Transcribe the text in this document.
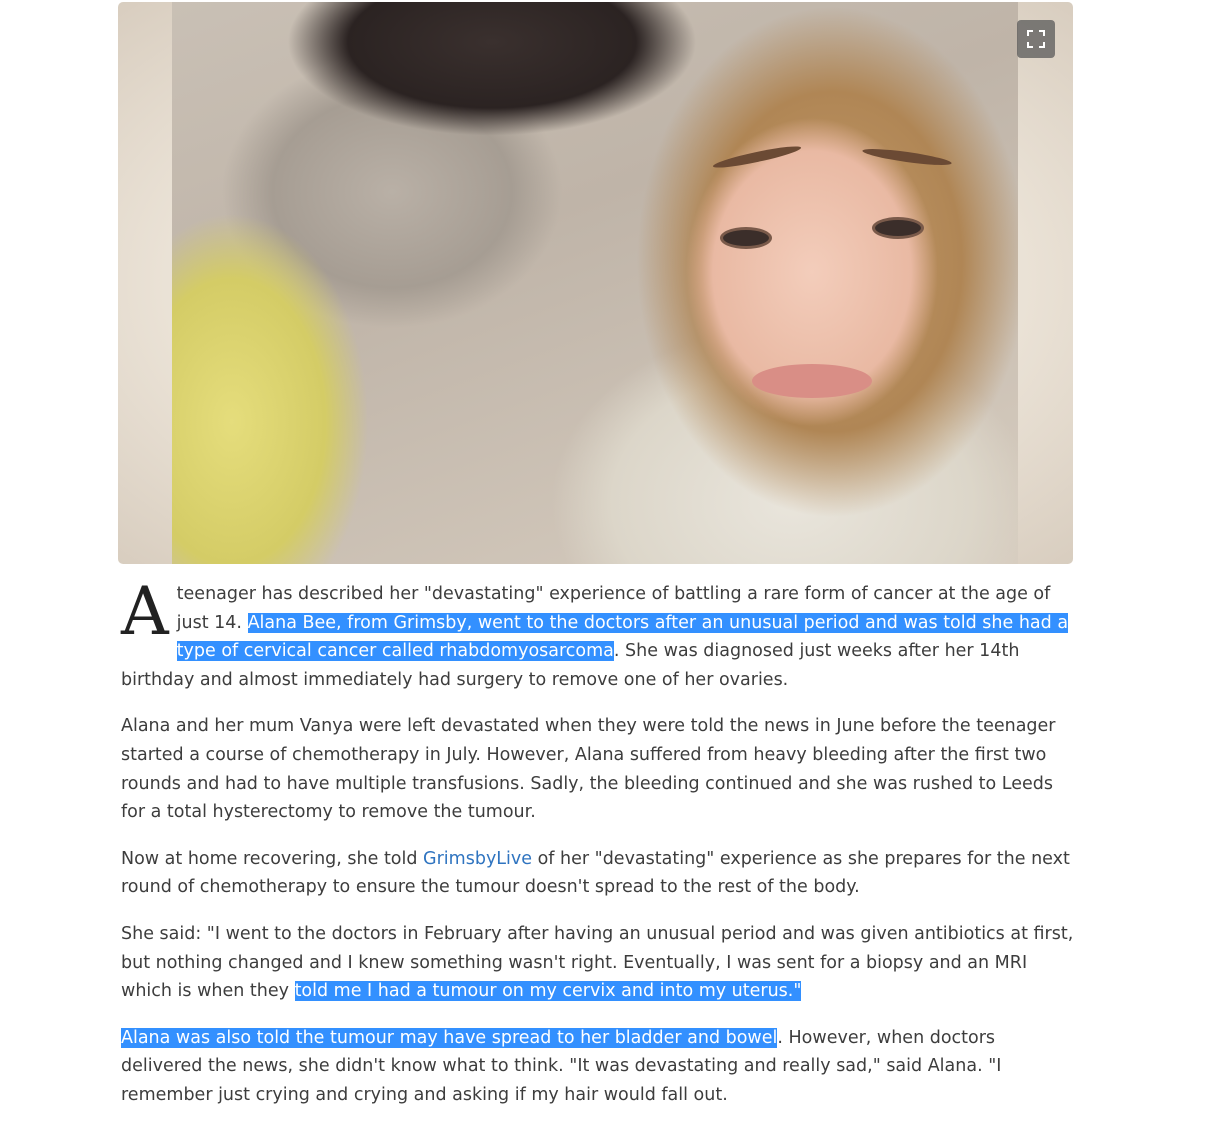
A teenager has described her "devastating" experience of battling a rare form of cancer at the age of just 14. Alana Bee, from Grimsby, went to the doctors after an unusual period and was told she had a type of cervical cancer called rhabdomyosarcoma. She was diagnosed just weeks after her 14th birthday and almost immediately had surgery to remove one of her ovaries.

Alana and her mum Vanya were left devastated when they were told the news in June before the teenager started a course of chemotherapy in July. However, Alana suffered from heavy bleeding after the first two rounds and had to have multiple transfusions. Sadly, the bleeding continued and she was rushed to Leeds for a total hysterectomy to remove the tumour.

Now at home recovering, she told GrimsbyLive of her "devastating" experience as she prepares for the next round of chemotherapy to ensure the tumour doesn't spread to the rest of the body.

She said: "I went to the doctors in February after having an unusual period and was given antibiotics at first, but nothing changed and I knew something wasn't right. Eventually, I was sent for a biopsy and an MRI which is when they told me I had a tumour on my cervix and into my uterus."

Alana was also told the tumour may have spread to her bladder and bowel. However, when doctors delivered the news, she didn't know what to think. "It was devastating and really sad," said Alana. "I remember just crying and crying and asking if my hair would fall out.
